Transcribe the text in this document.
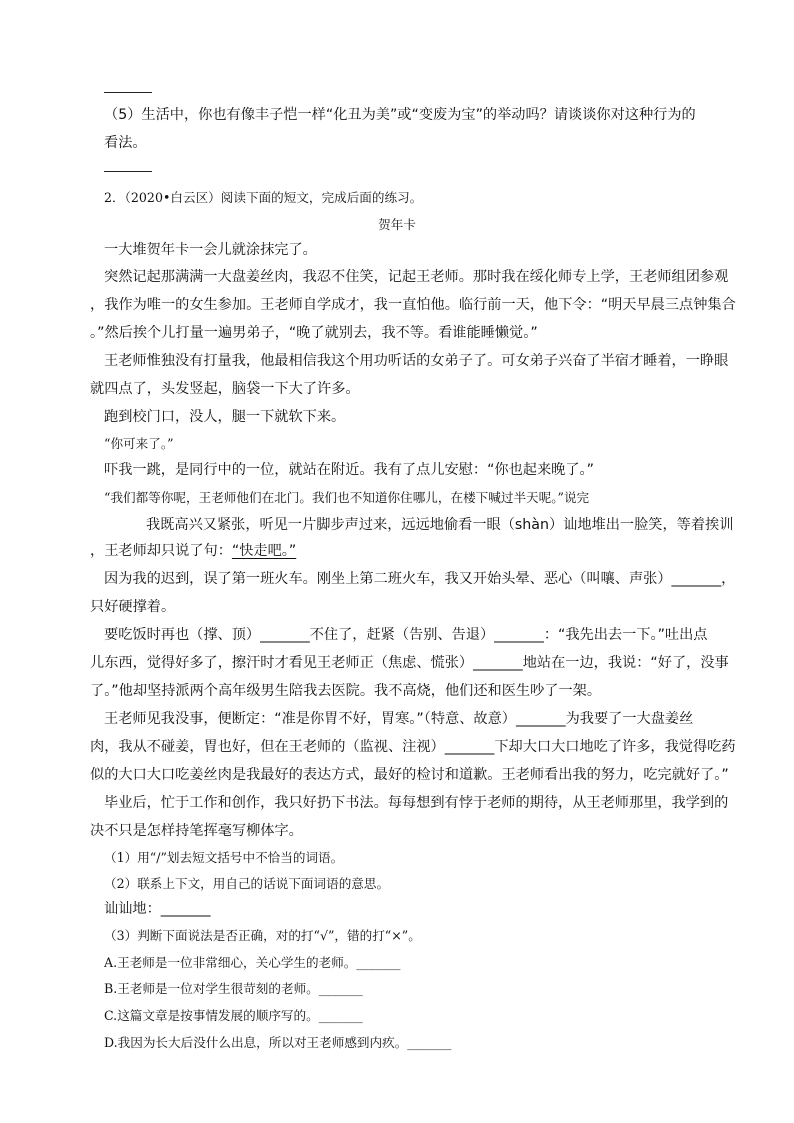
（5）生活中，你也有像丰子恺一样“化丑为美”或“变废为宝”的举动吗？请谈谈你对这种行为的
看法。
2．（2020•白云区）阅读下面的短文，完成后面的练习。
贺年卡
一大堆贺年卡一会儿就涂抹完了。
突然记起那满满一大盘姜丝肉，我忍不住笑，记起王老师。那时我在绥化师专上学，王老师组团参观
，我作为唯一的女生参加。王老师自学成才，我一直怕他。临行前一天，他下令：“明天早晨三点钟集合
。”然后挨个儿打量一遍男弟子，“晚了就别去，我不等。看谁能睡懒觉。”
王老师惟独没有打量我，他最相信我这个用功听话的女弟子了。可女弟子兴奋了半宿才睡着，一睁眼
就四点了，头发竖起，脑袋一下大了许多。
跑到校门口，没人，腿一下就软下来。
“你可来了。”
吓我一跳，是同行中的一位，就站在附近。我有了点儿安慰：“你也起来晚了。”
“我们都等你呢，王老师他们在北门。我们也不知道你住哪儿，在楼下喊过半天呢。”说完
我既高兴又紧张，听见一片脚步声过来，远远地偷看一眼（shàn）讪地堆出一脸笑，等着挨训
，王老师却只说了句：“快走吧。”
因为我的迟到，误了第一班火车。刚坐上第二班火车，我又开始头晕、恶心（叫嚷、声张）_______，
只好硬撑着。
要吃饭时再也（撑、顶）_______不住了，赶紧（告别、告退）_______：“我先出去一下。”吐出点
儿东西，觉得好多了，擦汗时才看见王老师正（焦虑、慌张）_______地站在一边，我说：“好了，没事
了。”他却坚持派两个高年级男生陪我去医院。我不高烧，他们还和医生吵了一架。
王老师见我没事，便断定：“准是你胃不好，胃寒。”（特意、故意）_______为我要了一大盘姜丝
肉，我从不碰姜，胃也好，但在王老师的（监视、注视）_______下却大口大口地吃了许多，我觉得吃药
似的大口大口吃姜丝肉是我最好的表达方式，最好的检讨和道歉。王老师看出我的努力，吃完就好了。”
毕业后，忙于工作和创作，我只好扔下书法。每每想到有悖于老师的期待，从王老师那里，我学到的
决不只是怎样持笔挥毫写柳体字。
（1）用“/”划去短文括号中不恰当的词语。
（2）联系上下文，用自己的话说下面词语的意思。
讪讪地：_______
（3）判断下面说法是否正确，对的打“√”，错的打“×”。
A.王老师是一位非常细心，关心学生的老师。_______
B.王老师是一位对学生很苛刻的老师。_______
C.这篇文章是按事情发展的顺序写的。_______
D.我因为长大后没什么出息，所以对王老师感到内疚。_______
